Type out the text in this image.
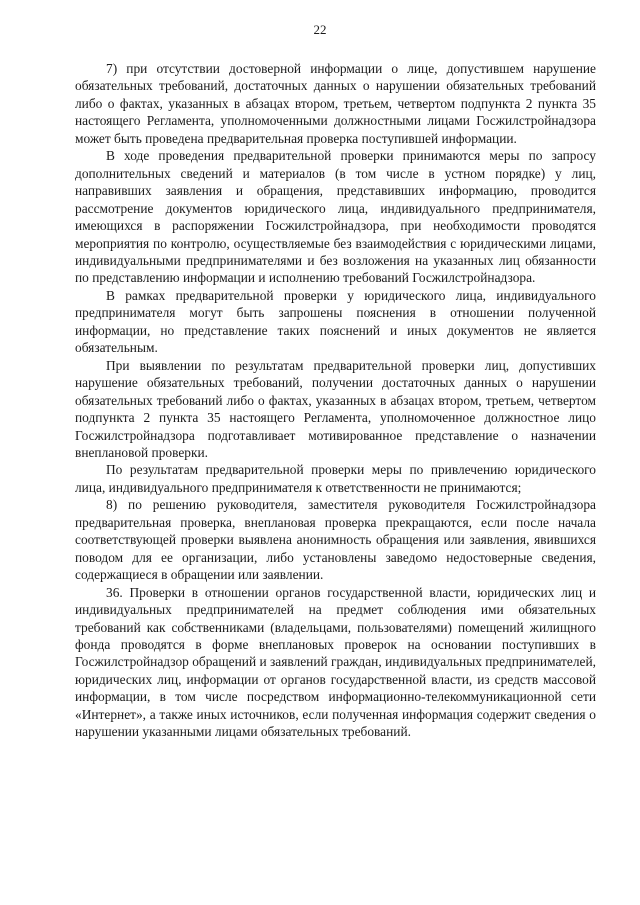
22

7) при отсутствии достоверной информации о лице, допустившем нарушение обязательных требований, достаточных данных о нарушении обязательных требований либо о фактах, указанных в абзацах втором, третьем, четвертом подпункта 2 пункта 35 настоящего Регламента, уполномоченными должностными лицами Госжилстройнадзора может быть проведена предварительная проверка поступившей информации.

В ходе проведения предварительной проверки принимаются меры по запросу дополнительных сведений и материалов (в том числе в устном порядке) у лиц, направивших заявления и обращения, представивших информацию, проводится рассмотрение документов юридического лица, индивидуального предпринимателя, имеющихся в распоряжении Госжилстройнадзора, при необходимости проводятся мероприятия по контролю, осуществляемые без взаимодействия с юридическими лицами, индивидуальными предпринимателями и без возложения на указанных лиц обязанности по представлению информации и исполнению требований Госжилстройнадзора.

В рамках предварительной проверки у юридического лица, индивидуального предпринимателя могут быть запрошены пояснения в отношении полученной информации, но представление таких пояснений и иных документов не является обязательным.

При выявлении по результатам предварительной проверки лиц, допустивших нарушение обязательных требований, получении достаточных данных о нарушении обязательных требований либо о фактах, указанных в абзацах втором, третьем, четвертом подпункта 2 пункта 35 настоящего Регламента, уполномоченное должностное лицо Госжилстройнадзора подготавливает мотивированное представление о назначении внеплановой проверки.

По результатам предварительной проверки меры по привлечению юридического лица, индивидуального предпринимателя к ответственности не принимаются;

8) по решению руководителя, заместителя руководителя Госжилстройнадзора предварительная проверка, внеплановая проверка прекращаются, если после начала соответствующей проверки выявлена анонимность обращения или заявления, явившихся поводом для ее организации, либо установлены заведомо недостоверные сведения, содержащиеся в обращении или заявлении.

36. Проверки в отношении органов государственной власти, юридических лиц и индивидуальных предпринимателей на предмет соблюдения ими обязательных требований как собственниками (владельцами, пользователями) помещений жилищного фонда проводятся в форме внеплановых проверок на основании поступивших в Госжилстройнадзор обращений и заявлений граждан, индивидуальных предпринимателей, юридических лиц, информации от органов государственной власти, из средств массовой информации, в том числе посредством информационно-телекоммуникационной сети «Интернет», а также иных источников, если полученная информация содержит сведения о нарушении указанными лицами обязательных требований.
